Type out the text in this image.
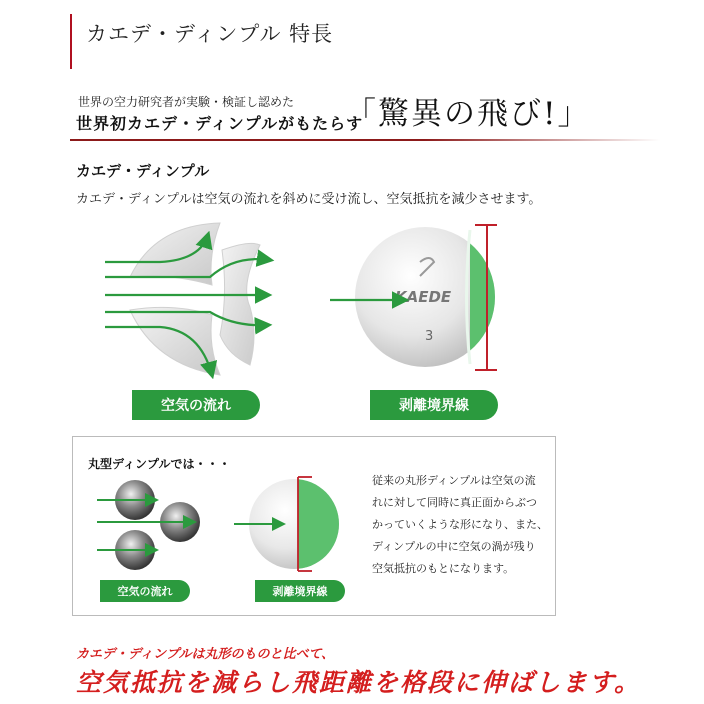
カエデ・ディンプル 特長
世界の空力研究者が実験・検証し認めた
世界初カエデ・ディンプルがもたらす
「驚異の飛び!」
カエデ・ディンプル
カエデ・ディンプルは空気の流れを斜めに受け流し、空気抵抗を減少させます。
KAEDE
3
空気の流れ	剥離境界線
丸型ディンプルでは・・・
空気の流れ	剥離境界線
従来の丸形ディンプルは空気の流
れに対して同時に真正面からぶつ
かっていくような形になり、また、
ディンプルの中に空気の渦が残り
空気抵抗のもとになります。
カエデ・ディンプルは丸形のものと比べて、
空気抵抗を減らし飛距離を格段に伸ばします。
